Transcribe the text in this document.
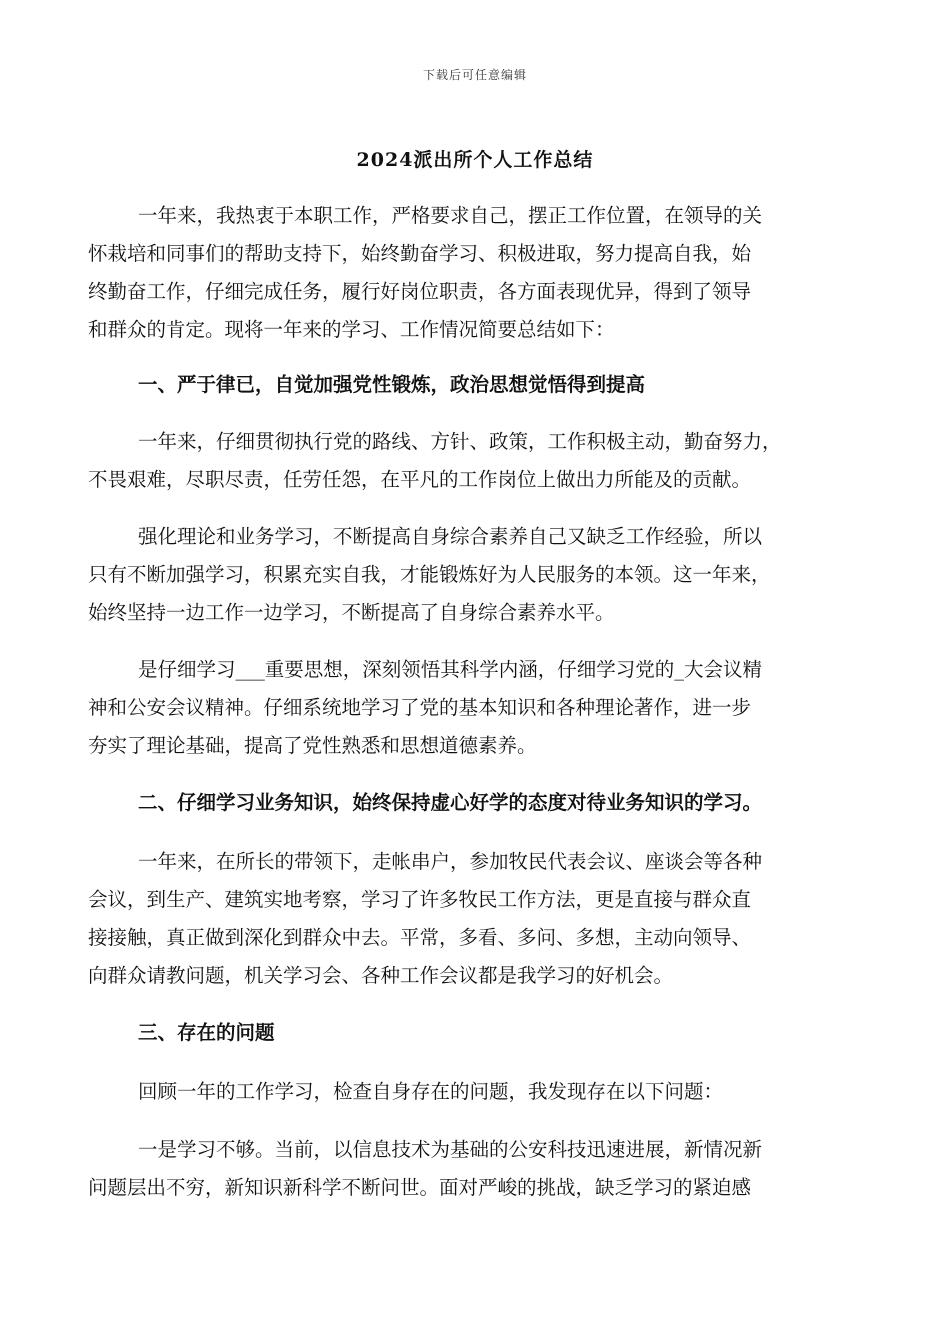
下载后可任意编辑
2024派出所个人工作总结
一年来，我热衷于本职工作，严格要求自己，摆正工作位置，在领导的关
怀栽培和同事们的帮助支持下，始终勤奋学习、积极进取，努力提高自我，始
终勤奋工作，仔细完成任务，履行好岗位职责，各方面表现优异，得到了领导
和群众的肯定。现将一年来的学习、工作情况简要总结如下：
一、严于律已，自觉加强党性锻炼，政治思想觉悟得到提高
一年来，仔细贯彻执行党的路线、方针、政策，工作积极主动，勤奋努力，
不畏艰难，尽职尽责，任劳任怨，在平凡的工作岗位上做出力所能及的贡献。
强化理论和业务学习，不断提高自身综合素养自己又缺乏工作经验，所以
只有不断加强学习，积累充实自我，才能锻炼好为人民服务的本领。这一年来，
始终坚持一边工作一边学习，不断提高了自身综合素养水平。
是仔细学习___重要思想，深刻领悟其科学内涵，仔细学习党的_大会议精
神和公安会议精神。仔细系统地学习了党的基本知识和各种理论著作，进一步
夯实了理论基础，提高了党性熟悉和思想道德素养。
二、仔细学习业务知识，始终保持虚心好学的态度对待业务知识的学习。
一年来，在所长的带领下，走帐串户，参加牧民代表会议、座谈会等各种
会议，到生产、建筑实地考察，学习了许多牧民工作方法，更是直接与群众直
接接触，真正做到深化到群众中去。平常，多看、多问、多想，主动向领导、
向群众请教问题，机关学习会、各种工作会议都是我学习的好机会。
三、存在的问题
回顾一年的工作学习，检查自身存在的问题，我发现存在以下问题：
一是学习不够。当前，以信息技术为基础的公安科技迅速进展，新情况新
问题层出不穷，新知识新科学不断问世。面对严峻的挑战，缺乏学习的紧迫感
